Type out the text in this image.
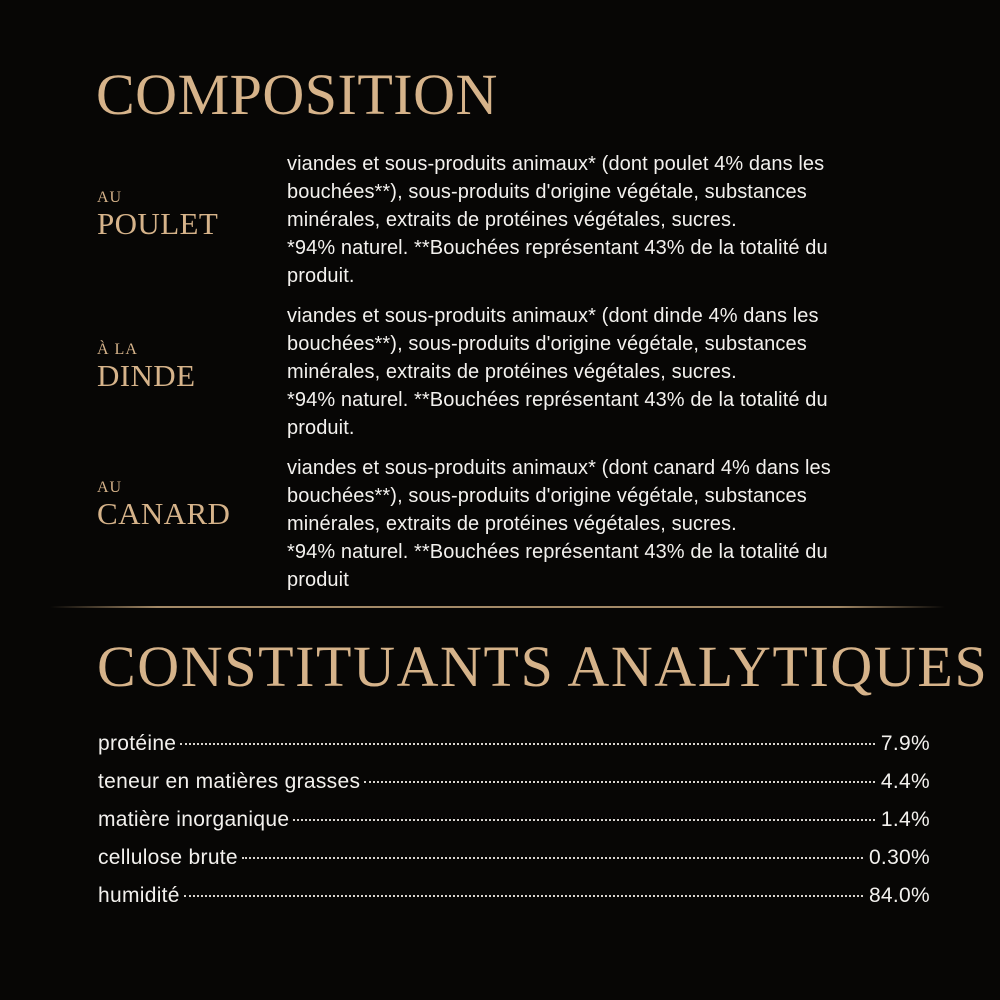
COMPOSITION
AU
POULET

viandes et sous-produits animaux* (dont poulet 4% dans les
bouchées**), sous-produits d'origine végétale, substances
minérales, extraits de protéines végétales, sucres.
*94% naturel. **Bouchées représentant 43% de la totalité du
produit.

À LA
DINDE

viandes et sous-produits animaux* (dont dinde 4% dans les
bouchées**), sous-produits d'origine végétale, substances
minérales, extraits de protéines végétales, sucres.
*94% naturel. **Bouchées représentant 43% de la totalité du
produit.

AU
CANARD

viandes et sous-produits animaux* (dont canard 4% dans les
bouchées**), sous-produits d'origine végétale, substances
minérales, extraits de protéines végétales, sucres.
*94% naturel. **Bouchées représentant 43% de la totalité du
produit

CONSTITUANTS ANALYTIQUES
protéine	7.9%
teneur en matières grasses	4.4%
matière inorganique	1.4%
cellulose brute	0.30%
humidité	84.0%
